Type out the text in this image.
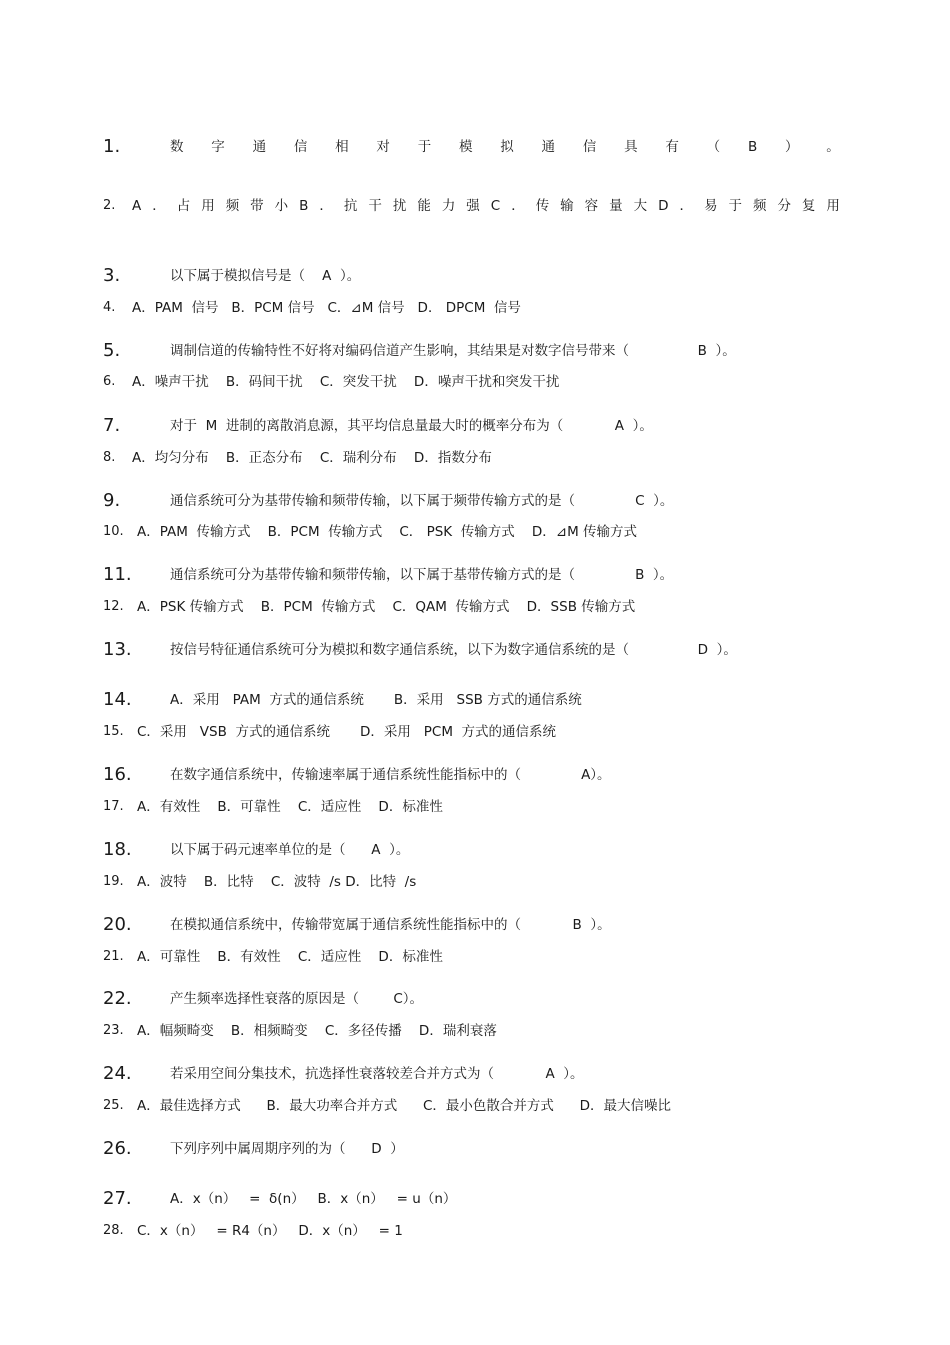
1.	数 字 通 信 相 对 于 模 拟 通 信 具 有 （ B ） 。
2. A ． 占 用 频 带 小 B ． 抗 干 扰 能 力 强 C ． 传 输 容 量 大 D ． 易 于 频 分 复 用
3.	以下属于模拟信号是（    A  ）。
4. A．PAM  信号   B．PCM 信号   C．⊿M 信号   D． DPCM  信号
5.	调制信道的传输特性不好将对编码信道产生影响，其结果是对数字信号带来（                B  ）。
6. A．噪声干扰    B．码间干扰    C．突发干扰    D．噪声干扰和突发干扰
7.	对于  M  进制的离散消息源，其平均信息量最大时的概率分布为（            A  ）。
8. A．均匀分布    B．正态分布    C．瑞利分布    D．指数分布
9.	通信系统可分为基带传输和频带传输，以下属于频带传输方式的是（              C  ）。
10. A．PAM  传输方式    B．PCM  传输方式    C． PSK  传输方式    D．⊿M 传输方式
11.	通信系统可分为基带传输和频带传输，以下属于基带传输方式的是（              B  ）。
12. A．PSK 传输方式    B．PCM  传输方式    C．QAM  传输方式    D．SSB 传输方式
13.	按信号特征通信系统可分为模拟和数字通信系统，以下为数字通信系统的是（                D  ）。
14.	A．采用   PAM  方式的通信系统       B．采用   SSB 方式的通信系统
15. C．采用   VSB  方式的通信系统       D．采用   PCM  方式的通信系统
16.	在数字通信系统中，传输速率属于通信系统性能指标中的（              A）。
17. A．有效性    B．可靠性    C．适应性    D．标准性
18.	以下属于码元速率单位的是（      A  ）。
19. A．波特    B．比特    C．波特  /s D．比特  /s
20.	在模拟通信系统中，传输带宽属于通信系统性能指标中的（            B  ）。
21. A．可靠性    B．有效性    C．适应性    D．标准性
22.	产生频率选择性衰落的原因是（        C）。
23. A．幅频畸变    B．相频畸变    C．多径传播    D．瑞利衰落
24.	若采用空间分集技术，抗选择性衰落较差合并方式为（            A  ）。
25. A．最佳选择方式      B．最大功率合并方式      C．最小色散合并方式      D．最大信噪比
26.	下列序列中属周期序列的为（      D  ）
27.	A．x（n）   =  δ(n）   B．x（n）   = u（n）
28. C．x（n）   = R4（n）   D．x（n）   = 1
